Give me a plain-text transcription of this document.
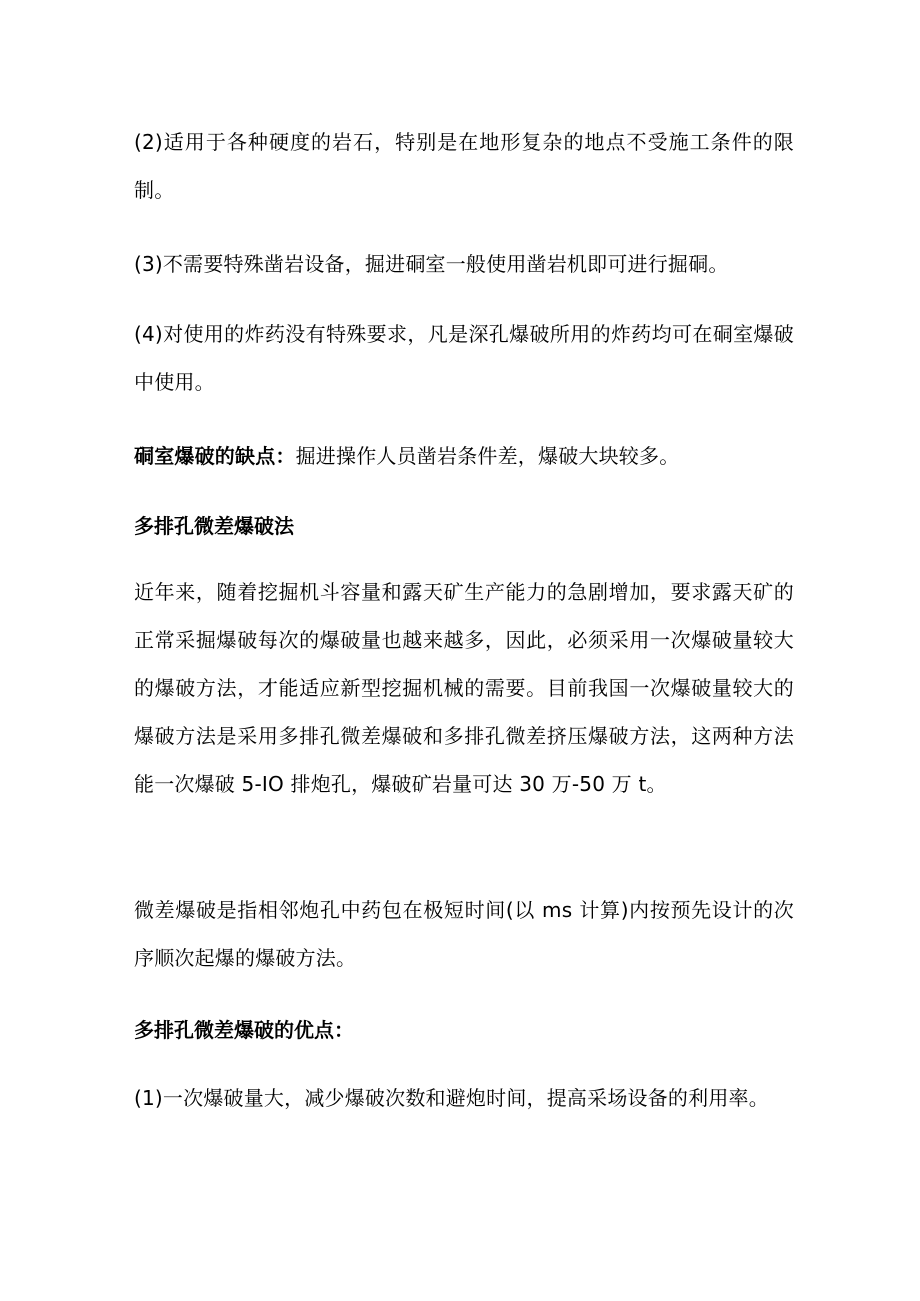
(2)适用于各种硬度的岩石，特别是在地形复杂的地点不受施工条件的限制。

(3)不需要特殊凿岩设备，掘进硐室一般使用凿岩机即可进行掘硐。

(4)对使用的炸药没有特殊要求，凡是深孔爆破所用的炸药均可在硐室爆破中使用。

硐室爆破的缺点：掘进操作人员凿岩条件差，爆破大块较多。

多排孔微差爆破法

近年来，随着挖掘机斗容量和露天矿生产能力的急剧增加，要求露天矿的正常采掘爆破每次的爆破量也越来越多，因此，必须采用一次爆破量较大的爆破方法，才能适应新型挖掘机械的需要。目前我国一次爆破量较大的爆破方法是采用多排孔微差爆破和多排孔微差挤压爆破方法，这两种方法能一次爆破 5-IO 排炮孔，爆破矿岩量可达 30 万-50 万 t。

微差爆破是指相邻炮孔中药包在极短时间(以 ms 计算)内按预先设计的次序顺次起爆的爆破方法。

多排孔微差爆破的优点：

(1)一次爆破量大，减少爆破次数和避炮时间，提高采场设备的利用率。
